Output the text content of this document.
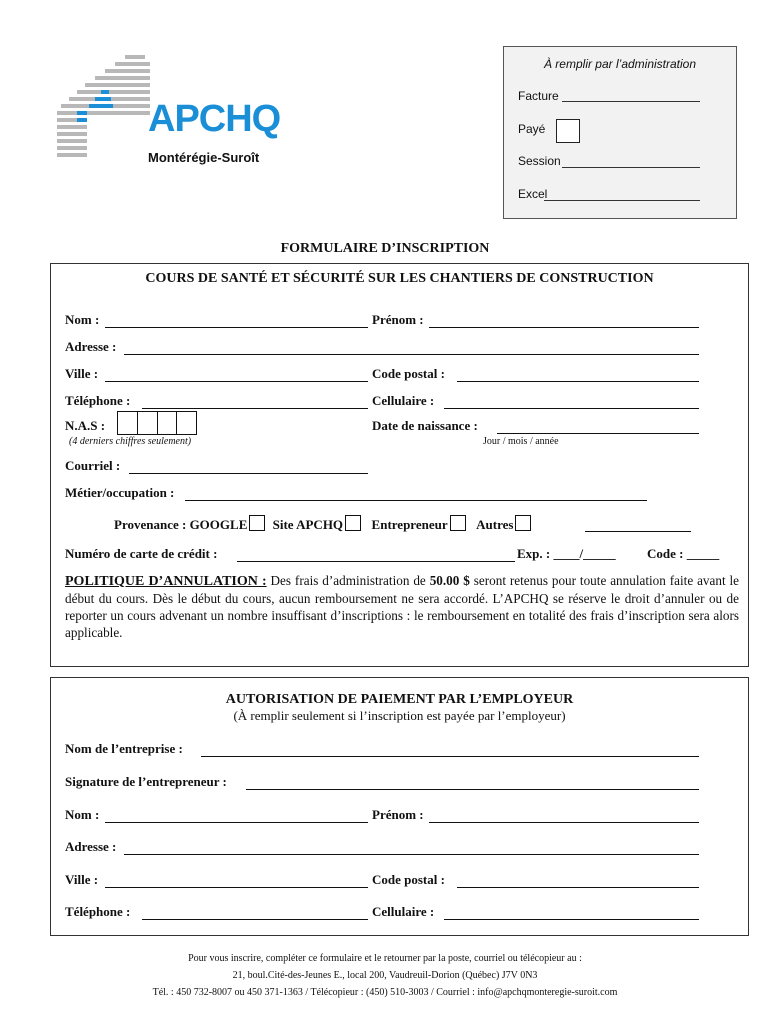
APCHQ
Montérégie-Suroît
À remplir par l’administration
Facture
Payé
Session
Excel
FORMULAIRE D’INSCRIPTION
COURS DE SANTÉ ET SÉCURITÉ SUR LES CHANTIERS DE CONSTRUCTION
Nom :	Prénom :
Adresse :
Ville :	Code postal :
Téléphone :	Cellulaire :
N.A.S :
(4 derniers chiffres seulement)
Date de naissance :
Jour / mois / année
Courriel :
Métier/occupation :
Provenance : GOOGLE Site APCHQ Entrepreneur Autres
Numéro de carte de crédit :	Exp. : ____/_____ Code : _____
POLITIQUE D’ANNULATION : Des frais d’administration de 50.00 $ seront retenus pour toute annulation faite avant le début du cours. Dès le début du cours, aucun remboursement ne sera accordé. L’APCHQ se réserve le droit d’annuler ou de reporter un cours advenant un nombre insuffisant d’inscriptions : le remboursement en totalité des frais d’inscription sera alors applicable.
AUTORISATION DE PAIEMENT PAR L’EMPLOYEUR
(À remplir seulement si l’inscription est payée par l’employeur)
Nom de l’entreprise :
Signature de l’entrepreneur :
Nom :	Prénom :
Adresse :
Ville :	Code postal :
Téléphone :	Cellulaire :
Pour vous inscrire, compléter ce formulaire et le retourner par la poste, courriel ou télécopieur au :
21, boul.Cité-des-Jeunes E., local 200, Vaudreuil-Dorion (Québec) J7V 0N3
Tél. : 450 732-8007 ou 450 371-1363 / Télécopieur : (450) 510-3003 / Courriel : info@apchqmonteregie-suroit.com
